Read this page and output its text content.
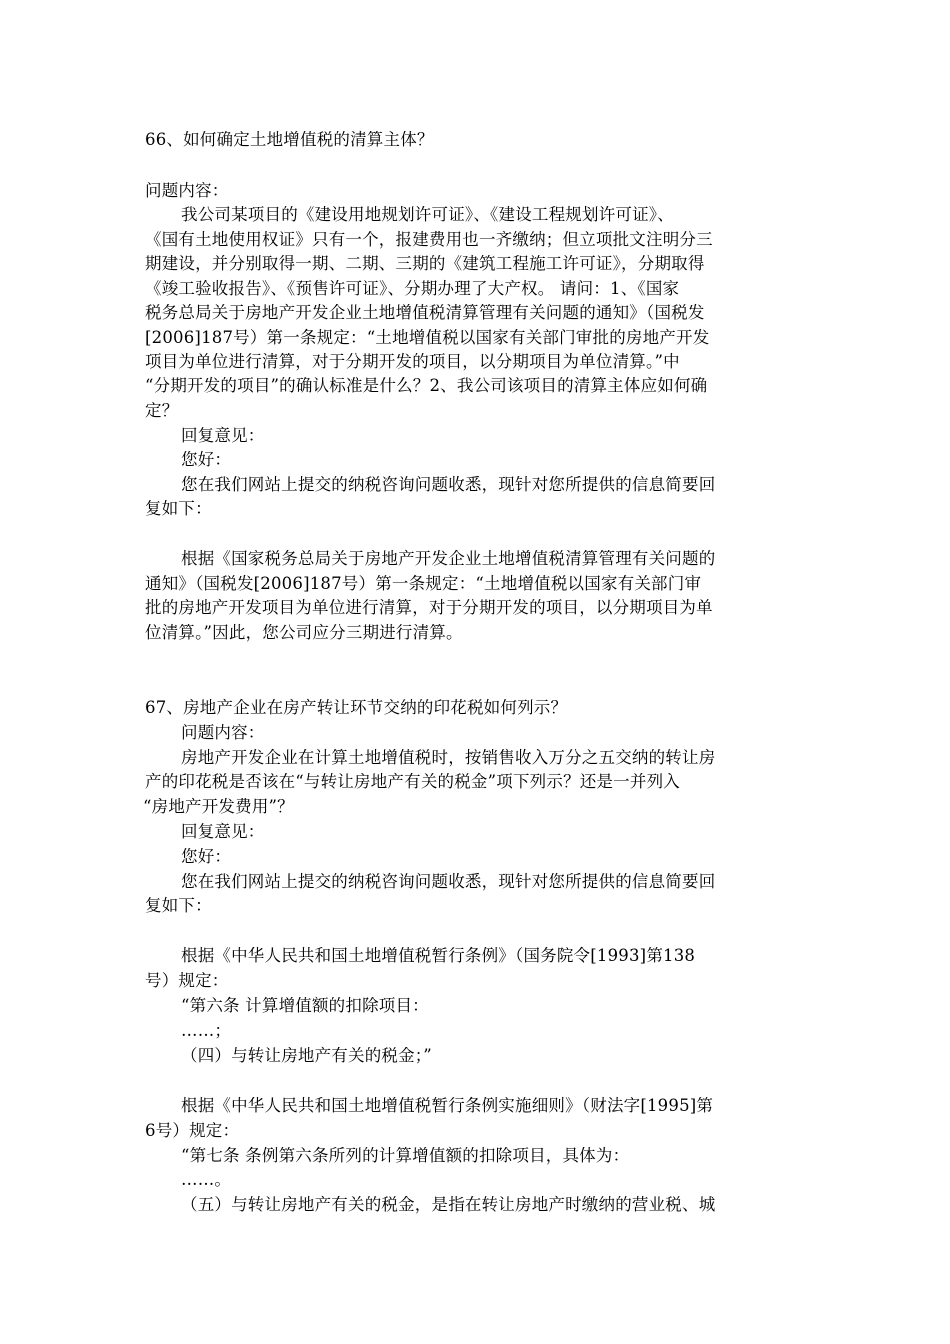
66、如何确定土地增值税的清算主体？
问题内容：
我公司某项目的《建设用地规划许可证》、《建设工程规划许可证》、
《国有土地使用权证》只有一个，报建费用也一齐缴纳；但立项批文注明分三
期建设，并分别取得一期、二期、三期的《建筑工程施工许可证》，分期取得
《竣工验收报告》、《预售许可证》、分期办理了大产权。 请问：1、《国家
税务总局关于房地产开发企业土地增值税清算管理有关问题的通知》（国税发
[2006]187号）第一条规定：“土地增值税以国家有关部门审批的房地产开发
项目为单位进行清算，对于分期开发的项目，以分期项目为单位清算。”中
“分期开发的项目”的确认标准是什么？2、我公司该项目的清算主体应如何确
定？
回复意见：
您好：
您在我们网站上提交的纳税咨询问题收悉，现针对您所提供的信息简要回
复如下：
根据《国家税务总局关于房地产开发企业土地增值税清算管理有关问题的
通知》（国税发[2006]187号）第一条规定：“土地增值税以国家有关部门审
批的房地产开发项目为单位进行清算，对于分期开发的项目，以分期项目为单
位清算。”因此，您公司应分三期进行清算。
67、房地产企业在房产转让环节交纳的印花税如何列示？
问题内容：
房地产开发企业在计算土地增值税时，按销售收入万分之五交纳的转让房
产的印花税是否该在“与转让房地产有关的税金”项下列示？还是一并列入
“房地产开发费用”？
回复意见：
您好：
您在我们网站上提交的纳税咨询问题收悉，现针对您所提供的信息简要回
复如下：
根据《中华人民共和国土地增值税暂行条例》（国务院令[1993]第138
号）规定：
“第六条 计算增值额的扣除项目：
……；
（四）与转让房地产有关的税金；”
根据《中华人民共和国土地增值税暂行条例实施细则》（财法字[1995]第
6号）规定：
“第七条 条例第六条所列的计算增值额的扣除项目，具体为：
……。
（五）与转让房地产有关的税金，是指在转让房地产时缴纳的营业税、城
